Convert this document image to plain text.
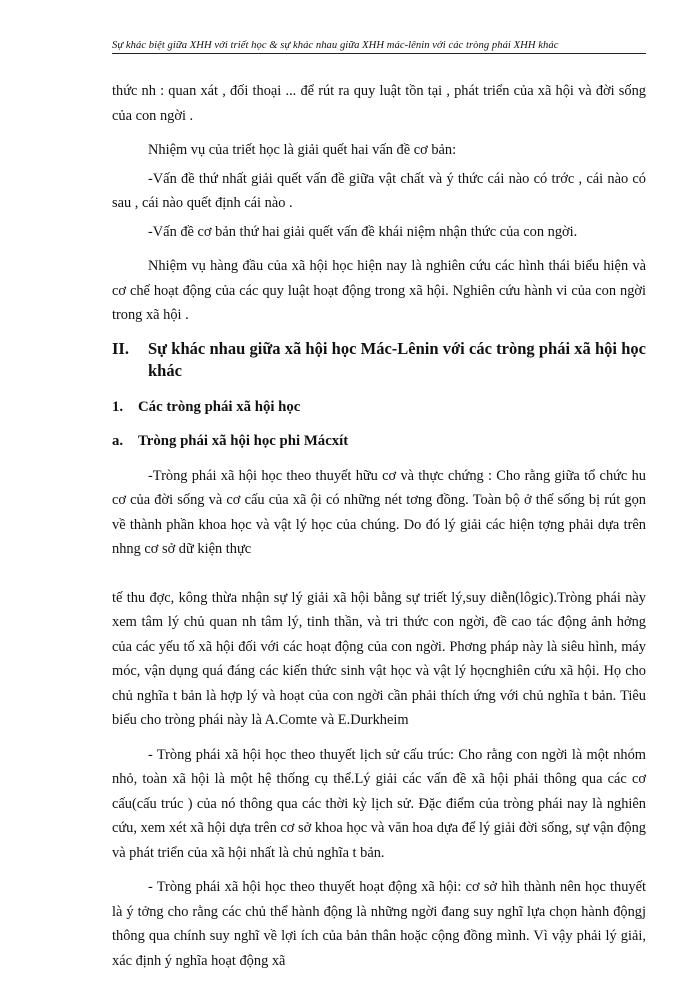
Sự khác biệt giữa XHH với triết học & sự khác nhau giữa XHH mác-lênin với các tròng phái XHH khác

thức nh : quan xát , đối thoại ... để rút ra quy luật tồn tại , phát triển của xã hội và đời sống của con ngời .

Nhiệm vụ của triết học là giải quết hai vấn đề cơ bản:

-Vấn đề thứ nhất giải quết vấn đề giữa vật chất và ý thức cái nào có trớc , cái nào có sau , cái nào quết định cái nào .

-Vấn đề cơ bản thứ hai giải quết vấn đề khái niệm nhận thức của con ngời.

Nhiệm vụ hàng đầu của xã hội học hiện nay là nghiên cứu các hình thái biểu hiện và cơ chế hoạt động của các quy luật hoạt động trong xã hội. Nghiên cứu hành vi của con ngời trong xã hội .

II.	Sự khác nhau giữa xã hội học Mác-Lênin với các tròng phái xã hội học khác
1. Các tròng phái xã hội học
a. Tròng phái xã hội học phi Mácxít

-Tròng phái xã hội học theo thuyết hữu cơ và thực chứng : Cho rằng giữa tổ chức hu cơ của đời sống và cơ cấu của xã ội có những nét tơng đồng. Toàn bộ ở thế sống bị rút gọn về thành phần khoa học và vật lý học của chúng. Do đó lý giải các hiện tợng phải dựa trên nhng cơ sở dữ kiện thực

tế thu đợc, kông thừa nhận sự lý giải xã hội bằng sự triết lý,suy diễn(lôgic).Tròng phái này xem tâm lý chủ quan nh tâm lý, tinh thần, và tri thức con ngời, đề cao tác động ảnh hởng của các yếu tố xã hội đối với các hoạt động của con ngời. Phơng pháp này là siêu hình, máy móc, vận dụng quá đáng các kiến thức sinh vật học và vật lý họcnghiên cứu xã hội. Họ cho chủ nghĩa t bản là hợp lý và hoạt của con ngời cần phải thích ứng với chủ nghĩa t bản. Tiêu biểu cho tròng phái này là A.Comte và E.Durkheim

- Tròng phái xã hội học theo thuyết lịch sử cấu trúc: Cho rằng con ngời là một nhóm nhỏ, toàn xã hội là một hệ thống cụ thể.Lý giải các vấn đề xã hội phải thông qua các cơ cấu(cấu trúc ) của nó thông qua các thời kỳ lịch sử. Đặc điểm của tròng phái nay là nghiên cứu, xem xét xã hội dựa trên cơ sở khoa học và văn hoa dựa để lý giải đời sống, sự vận động và phát triển của xã hội nhất là chủ nghĩa t bản.

- Tròng phái xã hội học theo thuyết hoạt động xã hội: cơ sở hìh thành nên học thuyết là ý tởng cho rằng các chủ thể hành động là những ngời đang suy nghĩ lựa chọn hành độngj thông qua chính suy nghĩ về lợi ích của bản thân hoặc cộng đồng mình. Vì vậy phải lý giải, xác định ý nghĩa hoạt động xã
